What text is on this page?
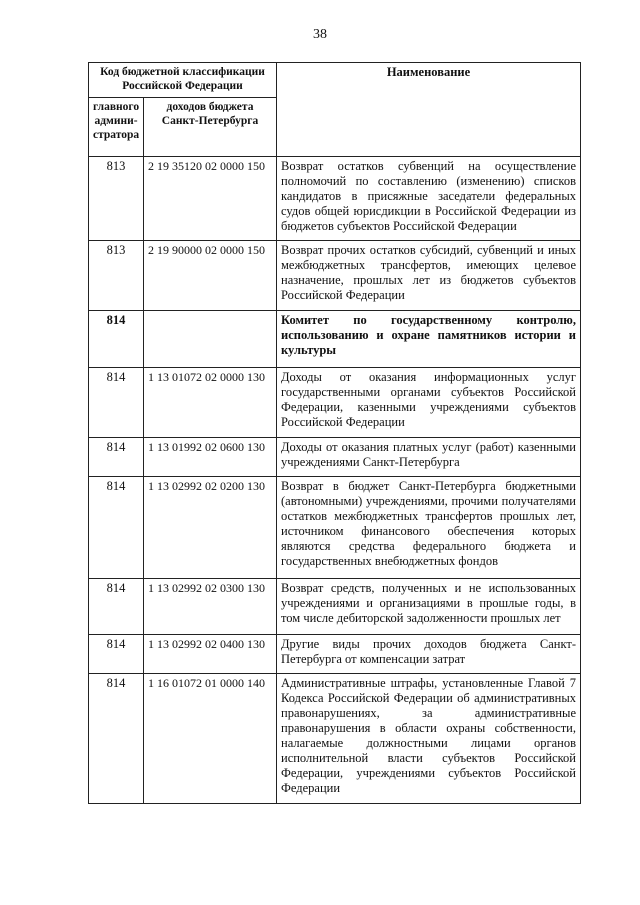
38
Код бюджетной классификации Российской Федерации		Наименование
главного админи-стратора	доходов бюджета Санкт-Петербурга	
813	2 19 35120 02 0000 150	Возврат остатков субвенций на осуществление полномочий по составлению (изменению) списков кандидатов в присяжные заседатели федеральных судов общей юрисдикции в Российской Федерации из бюджетов субъектов Российской Федерации
813	2 19 90000 02 0000 150	Возврат прочих остатков субсидий, субвенций и иных межбюджетных трансфертов, имеющих целевое назначение, прошлых лет из бюджетов субъектов Российской Федерации
814		Комитет по государственному контролю, использованию и охране памятников истории и культуры
814	1 13 01072 02 0000 130	Доходы от оказания информационных услуг государственными органами субъектов Российской Федерации, казенными учреждениями субъектов Российской Федерации
814	1 13 01992 02 0600 130	Доходы от оказания платных услуг (работ) казенными учреждениями Санкт-Петербурга
814	1 13 02992 02 0200 130	Возврат в бюджет Санкт-Петербурга бюджетными (автономными) учреждениями, прочими получателями остатков межбюджетных трансфертов прошлых лет, источником финансового обеспечения которых являются средства федерального бюджета и государственных внебюджетных фондов
814	1 13 02992 02 0300 130	Возврат средств, полученных и не использованных учреждениями и организациями в прошлые годы, в том числе дебиторской задолженности прошлых лет
814	1 13 02992 02 0400 130	Другие виды прочих доходов бюджета Санкт-Петербурга от компенсации затрат
814	1 16 01072 01 0000 140	Административные штрафы, установленные Главой 7 Кодекса Российской Федерации об административных правонарушениях, за административные правонарушения в области охраны собственности, налагаемые должностными лицами органов исполнительной власти субъектов Российской Федерации, учреждениями субъектов Российской Федерации
